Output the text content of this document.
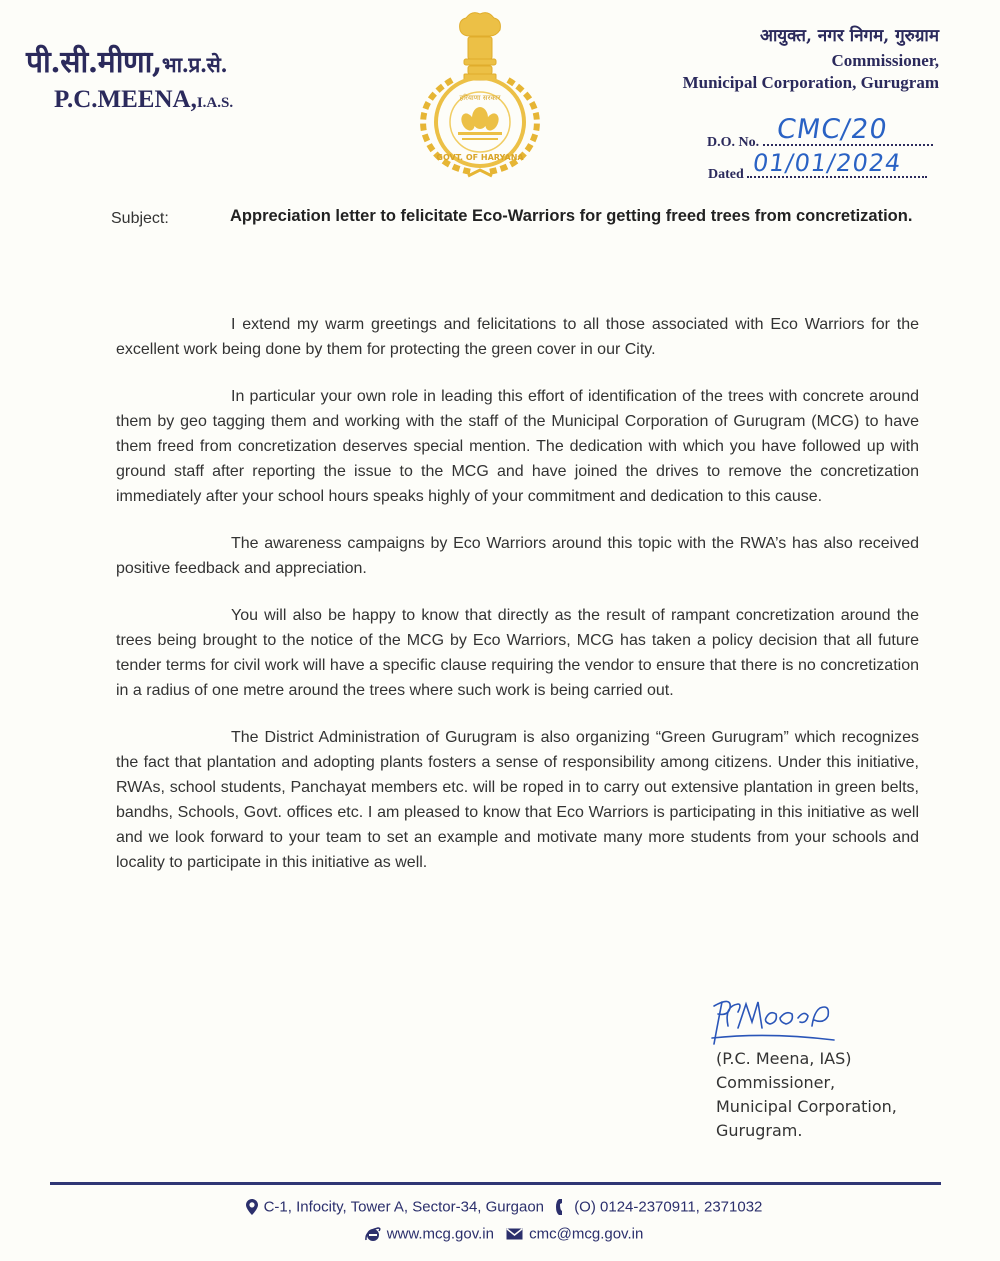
पी.सी.मीणा,भा.प्र.से.
P.C.MEENA,I.A.S.	हरियाणा सरकार
GOVT. OF HARYANA
आयुक्त, नगर निगम, गुरुग्राम
Commissioner,
Municipal Corporation, Gurugram
D.O. No. CMC/20
Dated 01/01/2024
Subject:	Appreciation letter to felicitate Eco-Warriors for getting freed trees from concretization.

I extend my warm greetings and felicitations to all those associated with Eco Warriors for the excellent work being done by them for protecting the green cover in our City.

In particular your own role in leading this effort of identification of the trees with concrete around them by geo tagging them and working with the staff of the Municipal Corporation of Gurugram (MCG) to have them freed from concretization deserves special mention. The dedication with which you have followed up with ground staff after reporting the issue to the MCG and have joined the drives to remove the concretization immediately after your school hours speaks highly of your commitment and dedication to this cause.

The awareness campaigns by Eco Warriors around this topic with the RWA’s has also received positive feedback and appreciation.

You will also be happy to know that directly as the result of rampant concretization around the trees being brought to the notice of the MCG by Eco Warriors, MCG has taken a policy decision that all future tender terms for civil work will have a specific clause requiring the vendor to ensure that there is no concretization in a radius of one metre around the trees where such work is being carried out.

The District Administration of Gurugram is also organizing “Green Gurugram” which recognizes the fact that plantation and adopting plants fosters a sense of responsibility among citizens. Under this initiative, RWAs, school students, Panchayat members etc. will be roped in to carry out extensive plantation in green belts, bandhs, Schools, Govt. offices etc. I am pleased to know that Eco Warriors is participating in this initiative as well and we look forward to your team to set an example and motivate many more students from your schools and locality to participate in this initiative as well.

(P.C. Meena, IAS)
Commissioner,
Municipal Corporation,
Gurugram.
C-1, Infocity, Tower A, Sector-34, Gurgaon (O) 0124-2370911, 2371032
www.mcg.gov.in cmc@mcg.gov.in
